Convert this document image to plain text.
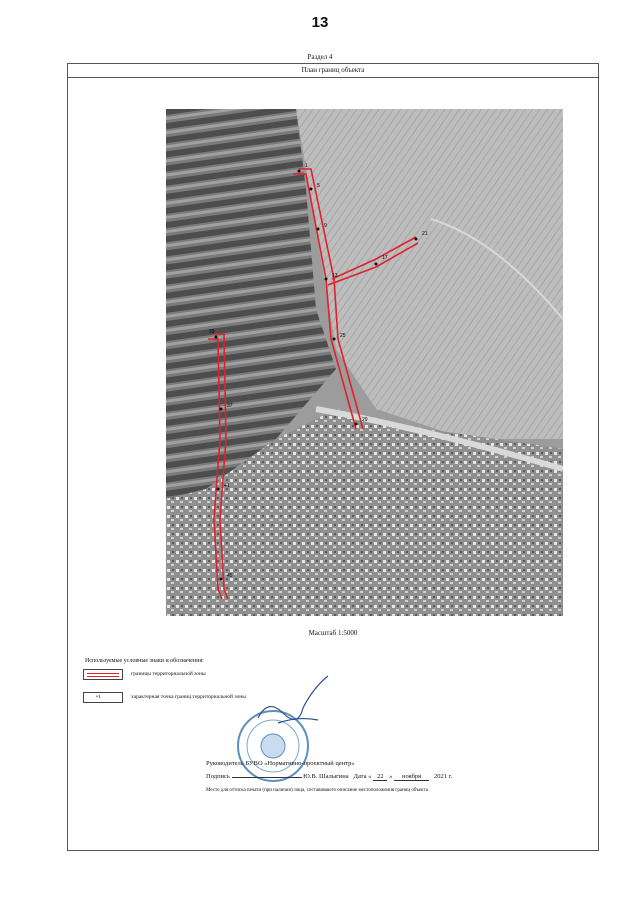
13
Раздел 4
План границ объекта
1
5
9
13
17
21
25
29
33
37
41
45
Масштаб 1:5000
Используемые условные знаки и обозначения:
границы территориальной зоны
•1	характерная точка границ территориальной зоны
Руководитель БУВО «Нормативно-проектный центр»
Подпись	Ю.В. Шалыгина Дата « 22 » ноября 2021 г.
Место для оттиска печати (при наличии) лица, составившего описание местоположения границ объекта
